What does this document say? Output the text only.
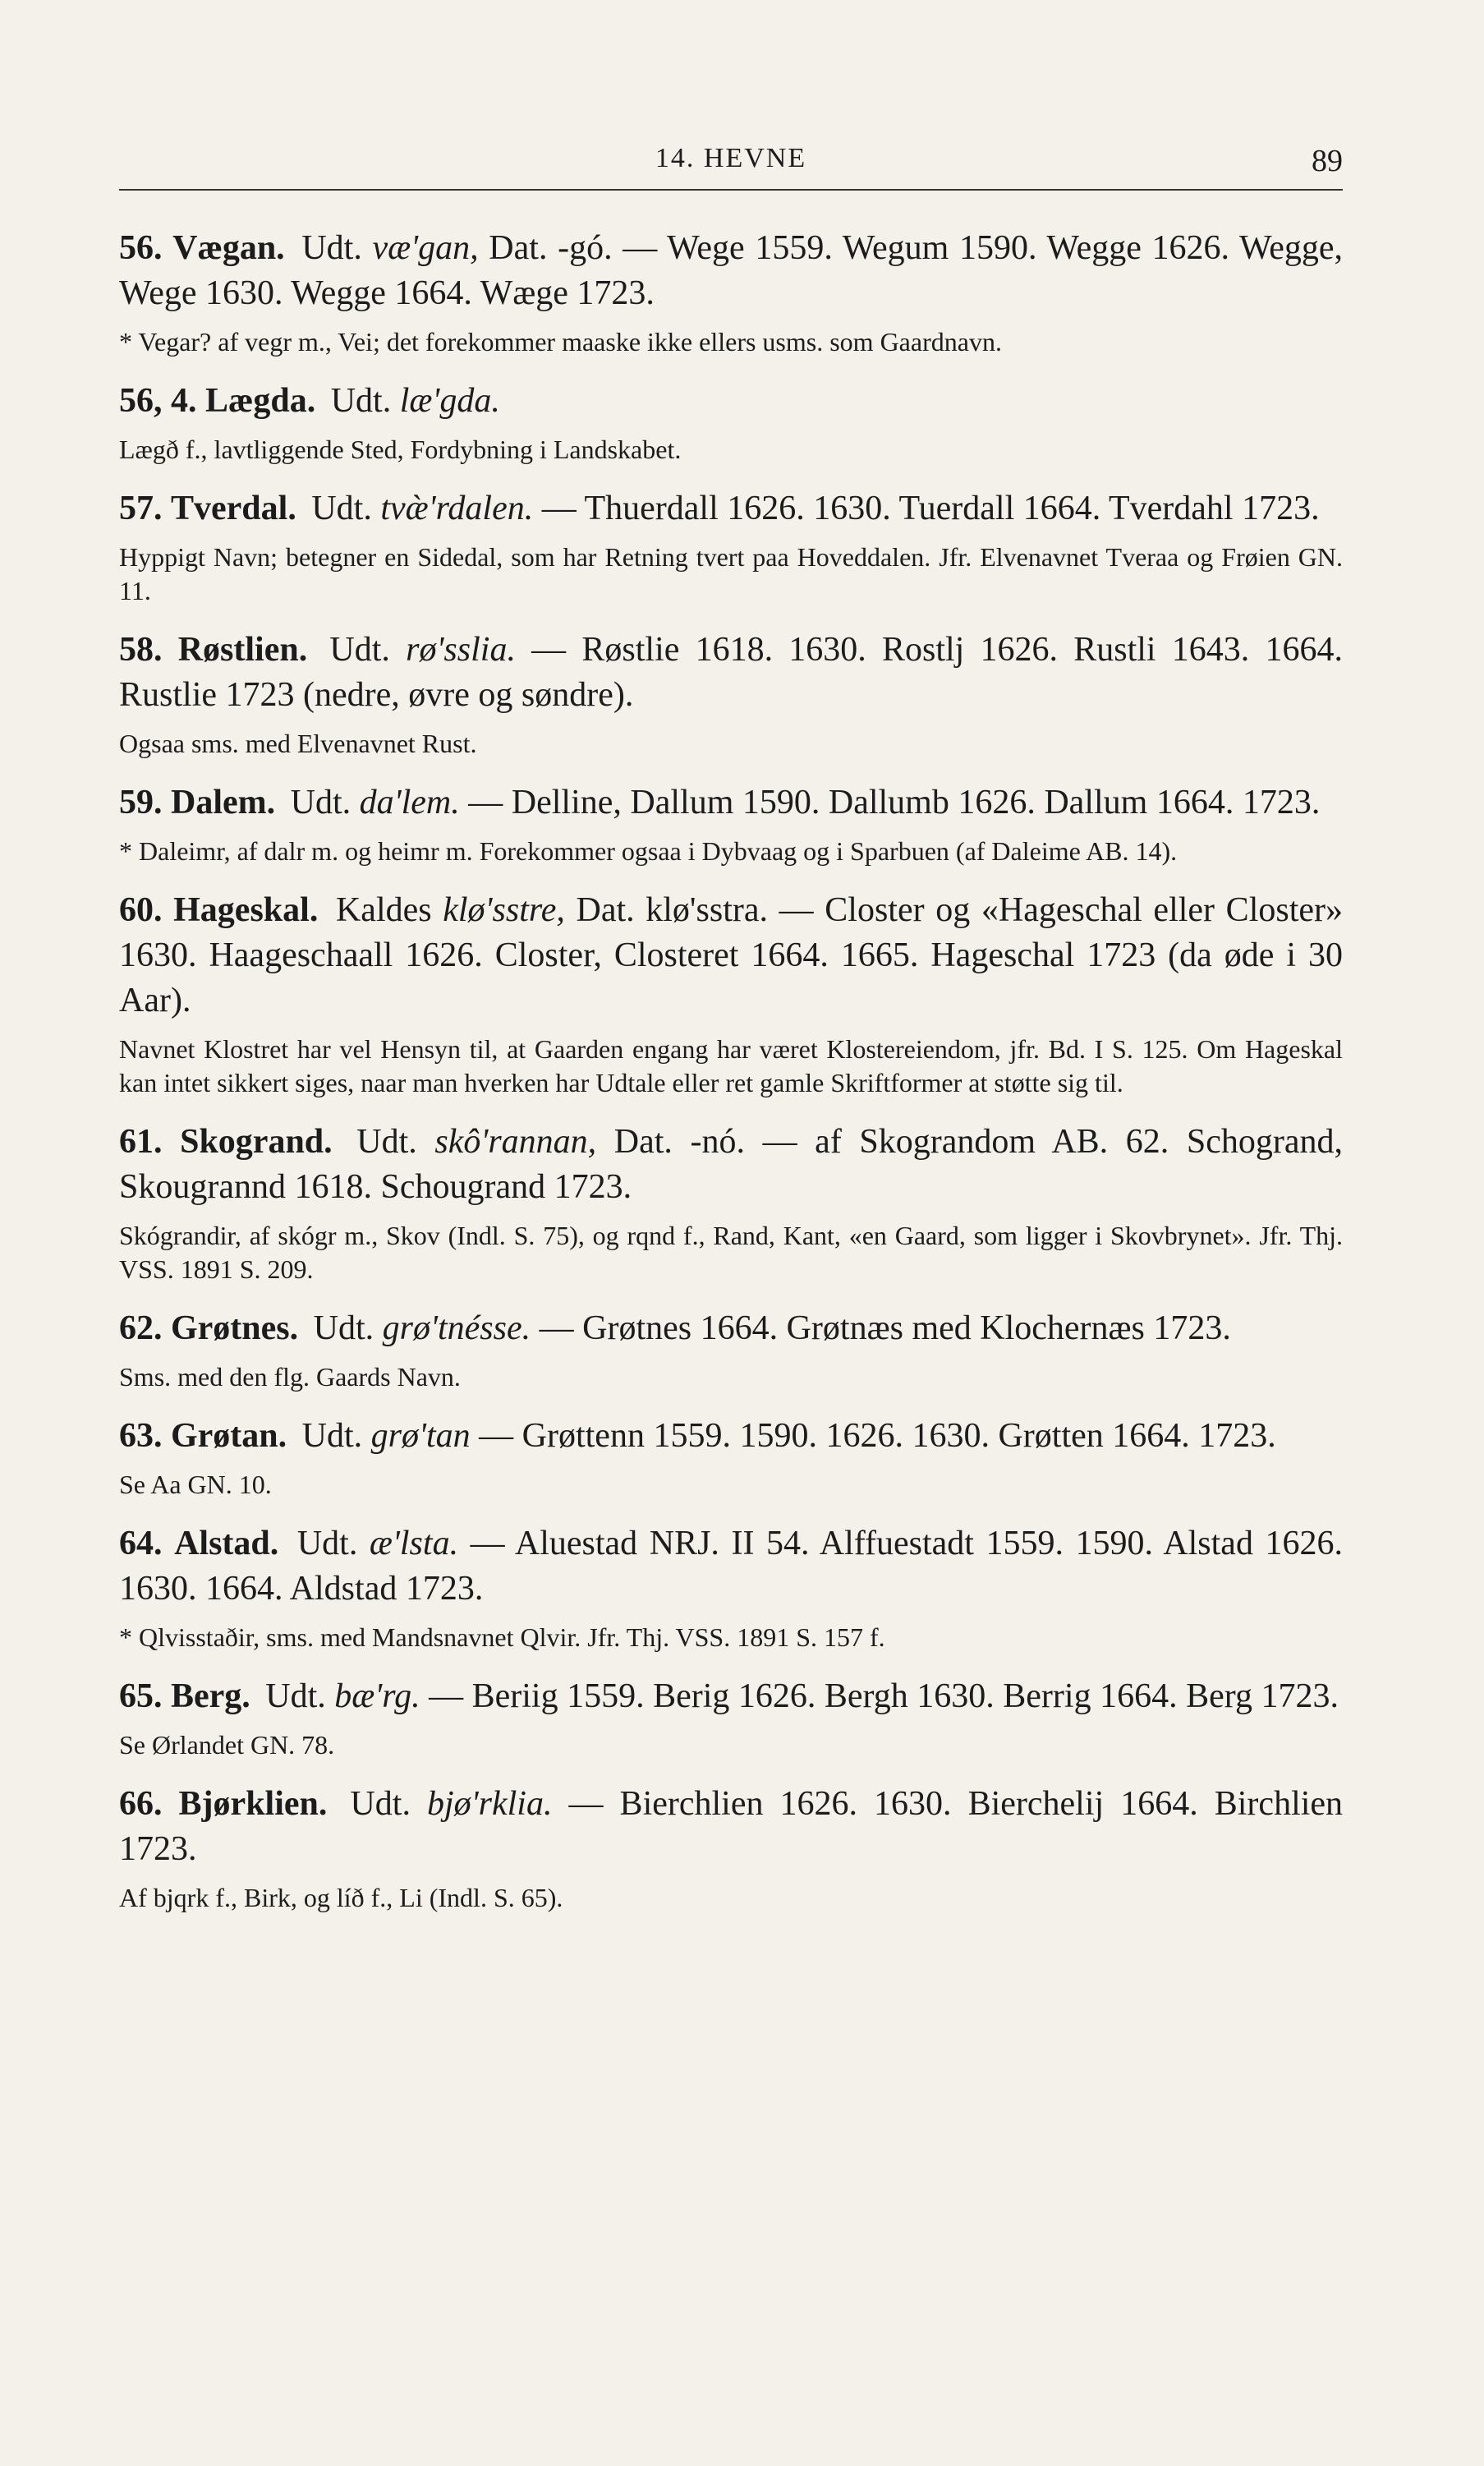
14. HEVNE	89
56. Vægan. Udt. væ'gan, Dat. -gó. — Wege 1559. Wegum 1590. Wegge 1626. Wegge, Wege 1630. Wegge 1664. Wæge 1723.
* Vegar? af vegr m., Vei; det forekommer maaske ikke ellers usms. som Gaardnavn.
56, 4. Lægda. Udt. læ'gda.
Lægð f., lavtliggende Sted, Fordybning i Landskabet.
57. Tverdal. Udt. tvæ̀'rdalen. — Thuerdall 1626. 1630. Tuerdall 1664. Tverdahl 1723.
Hyppigt Navn; betegner en Sidedal, som har Retning tvert paa Hoveddalen. Jfr. Elvenavnet Tveraa og Frøien GN. 11.
58. Røstlien. Udt. rø'sslia. — Røstlie 1618. 1630. Rostlj 1626. Rustli 1643. 1664. Rustlie 1723 (nedre, øvre og søndre).
Ogsaa sms. med Elvenavnet Rust.
59. Dalem. Udt. da'lem. — Delline, Dallum 1590. Dallumb 1626. Dallum 1664. 1723.
* Daleimr, af dalr m. og heimr m. Forekommer ogsaa i Dybvaag og i Sparbuen (af Daleime AB. 14).
60. Hageskal. Kaldes klø'sstre, Dat. klø'sstra. — Closter og «Hageschal eller Closter» 1630. Haageschaall 1626. Closter, Closteret 1664. 1665. Hageschal 1723 (da øde i 30 Aar).
Navnet Klostret har vel Hensyn til, at Gaarden engang har været Klostereiendom, jfr. Bd. I S. 125. Om Hageskal kan intet sikkert siges, naar man hverken har Udtale eller ret gamle Skriftformer at støtte sig til.
61. Skogrand. Udt. skô'rannan, Dat. -nó. — af Skograndom AB. 62. Schogrand, Skougrannd 1618. Schougrand 1723.
Skógrandir, af skógr m., Skov (Indl. S. 75), og rqnd f., Rand, Kant, «en Gaard, som ligger i Skovbrynet». Jfr. Thj. VSS. 1891 S. 209.
62. Grøtnes. Udt. grø'tnésse. — Grøtnes 1664. Grøtnæs med Klochernæs 1723.
Sms. med den flg. Gaards Navn.
63. Grøtan. Udt. grø'tan — Grøttenn 1559. 1590. 1626. 1630. Grøtten 1664. 1723.
Se Aa GN. 10.
64. Alstad. Udt. æ'lsta. — Aluestad NRJ. II 54. Alffuestadt 1559. 1590. Alstad 1626. 1630. 1664. Aldstad 1723.
* Qlvisstaðir, sms. med Mandsnavnet Qlvir. Jfr. Thj. VSS. 1891 S. 157 f.
65. Berg. Udt. bæ'rg. — Beriig 1559. Berig 1626. Bergh 1630. Berrig 1664. Berg 1723.
Se Ørlandet GN. 78.
66. Bjørklien. Udt. bjø'rklia. — Bierchlien 1626. 1630. Bierchelij 1664. Birchlien 1723.
Af bjqrk f., Birk, og líð f., Li (Indl. S. 65).
